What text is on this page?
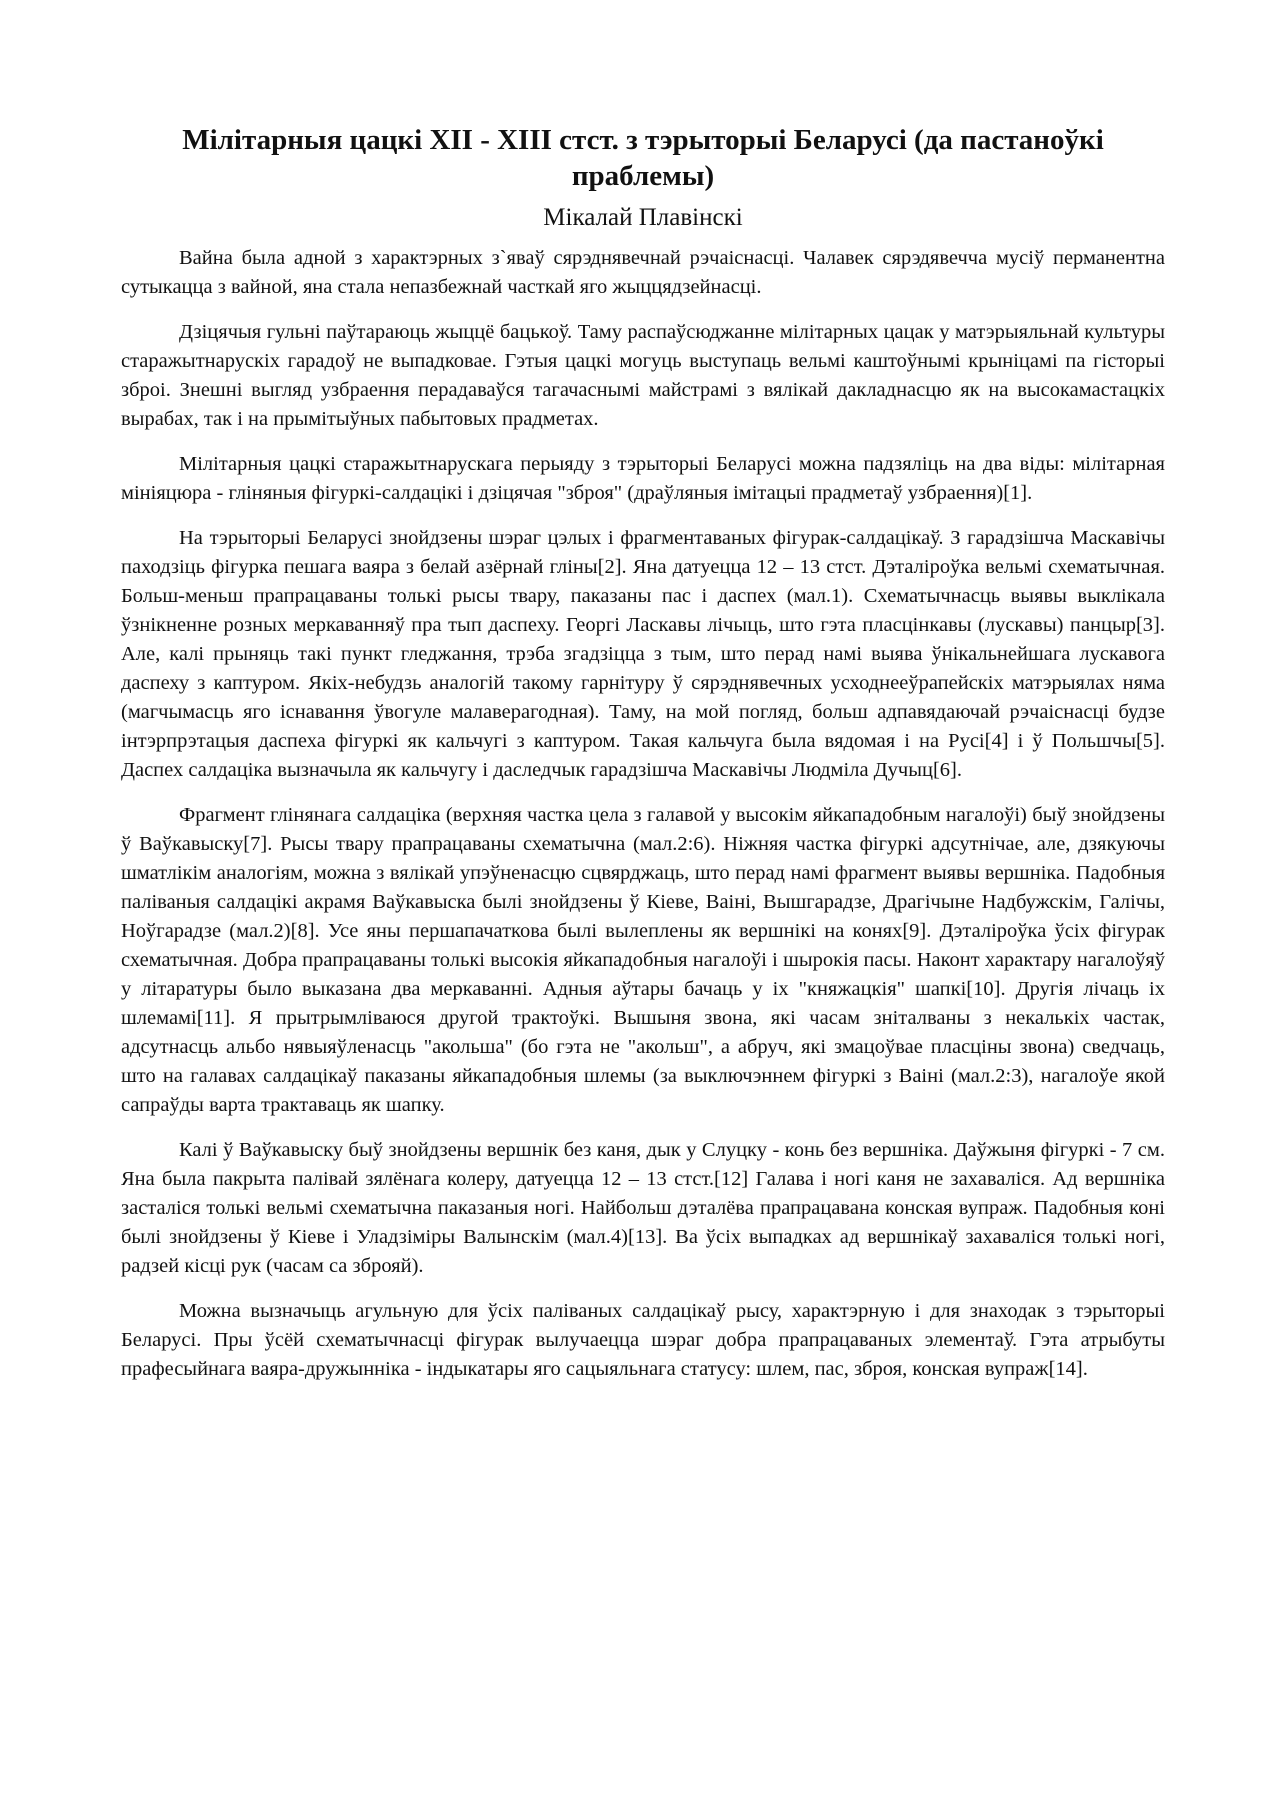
Мілітарныя цацкі XII - XIII стст. з тэрыторыі Беларусі (да пастаноўкі праблемы)
Мікалай Плавінскі

Вайна была адной з характэрных з`яваў сярэднявечнай рэчаіснасці. Чалавек сярэдявечча мусіў перманентна сутыкацца з вайной, яна стала непазбежнай часткай яго жыццядзейнасці.

Дзіцячыя гульні паўтараюць жыццё бацькоў. Таму распаўсюджанне мілітарных цацак у матэрыяльнай культуры старажытнарускіх гарадоў не выпадковае. Гэтыя цацкі могуць выступаць вельмі каштоўнымі крыніцамі па гісторыі зброі. Знешні выгляд узбраення перадаваўся тагачаснымі майстрамі з вялікай дакладнасцю як на высокамастацкіх вырабах, так і на прымітыўных пабытовых прадметах.

Мілітарныя цацкі старажытнарускага перыяду з тэрыторыі Беларусі можна падзяліць на два віды: мілітарная мініяцюра - гліняныя фігуркі-салдацікі і дзіцячая "зброя" (драўляныя імітацыі прадметаў узбраення)[1].

На тэрыторыі Беларусі знойдзены шэраг цэлых і фрагментаваных фігурак-салдацікаў. З гарадзішча Маскавічы паходзіць фігурка пешага ваяра з белай азёрнай гліны[2]. Яна датуецца 12 – 13 стст. Дэталіроўка вельмі схематычная. Больш-меньш прапрацаваны толькі рысы твару, паказаны пас і даспех (мал.1). Схематычнасць выявы выклікала ўзнікненне розных меркаванняў пра тып даспеху. Георгі Ласкавы лічыць, што гэта пласцінкавы (лускавы) панцыр[3]. Але, калі прыняць такі пункт гледжання, трэба згадзіцца з тым, што перад намі выява ўнікальнейшага лускавога даспеху з каптуром. Якіх-небудзь аналогій такому гарнітуру ў сярэднявечных усходнееўрапейскіх матэрыялах няма (магчымасць яго існавання ўвогуле малаверагодная). Таму, на мой погляд, больш адпавядаючай рэчаіснасці будзе інтэрпрэтацыя даспеха фігуркі як кальчугі з каптуром. Такая кальчуга была вядомая і на Русі[4] і ў Польшчы[5]. Даспех салдаціка вызначыла як кальчугу і даследчык гарадзішча Маскавічы Людміла Дучыц[6].

Фрагмент глінянага салдаціка (верхняя частка цела з галавой у высокім яйкападобным нагалоўі) быў знойдзены ў Ваўкавыску[7]. Рысы твару прапрацаваны схематычна (мал.2:6). Ніжняя частка фігуркі адсутнічае, але, дзякуючы шматлікім аналогіям, можна з вялікай упэўненасцю сцвярджаць, што перад намі фрагмент выявы вершніка. Падобныя паліваныя салдацікі акрамя Ваўкавыска былі знойдзены ў Кіеве, Ваіні, Вышгарадзе, Драгічыне Надбужскім, Галічы, Ноўгарадзе (мал.2)[8]. Усе яны першапачаткова былі вылеплены як вершнікі на конях[9]. Дэталіроўка ўсіх фігурак схематычная. Добра прапрацаваны толькі высокія яйкападобныя нагалоўі і шырокія пасы. Наконт характару нагалоўяў у літаратуры было выказана два меркаванні. Адныя аўтары бачаць у іх "княжацкія" шапкі[10]. Другія лічаць іх шлемамі[11]. Я прытрымліваюся другой трактоўкі. Вышыня звона, які часам зніталваны з некалькіх частак, адсутнасць альбо нявыяўленасць "акольша" (бо гэта не "акольш", а абруч, які змацоўвае пласціны звона) сведчаць, што на галавах салдацікаў паказаны яйкападобныя шлемы (за выключэннем фігуркі з Ваіні (мал.2:3), нагалоўе якой сапраўды варта трактаваць як шапку.

Калі ў Ваўкавыску быў знойдзены вершнік без каня, дык у Слуцку - конь без вершніка. Даўжыня фігуркі - 7 см. Яна была пакрыта палівай зялёнага колеру, датуецца 12 – 13 стст.[12] Галава і ногі каня не захаваліся. Ад вершніка засталіся толькі вельмі схематычна паказаныя ногі. Найбольш дэталёва прапрацавана конская вупраж. Падобныя коні былі знойдзены ў Кіеве і Уладзіміры Валынскім (мал.4)[13]. Ва ўсіх выпадках ад вершнікаў захаваліся толькі ногі, радзей кісці рук (часам са зброяй).

Можна вызначыць агульную для ўсіх паліваных салдацікаў рысу, характэрную і для знаходак з тэрыторыі Беларусі. Пры ўсёй схематычнасці фігурак вылучаецца шэраг добра прапрацаваных элементаў. Гэта атрыбуты прафесыйнага ваяра-дружынніка - індыкатары яго сацыяльнага статусу: шлем, пас, зброя, конская вупраж[14].
